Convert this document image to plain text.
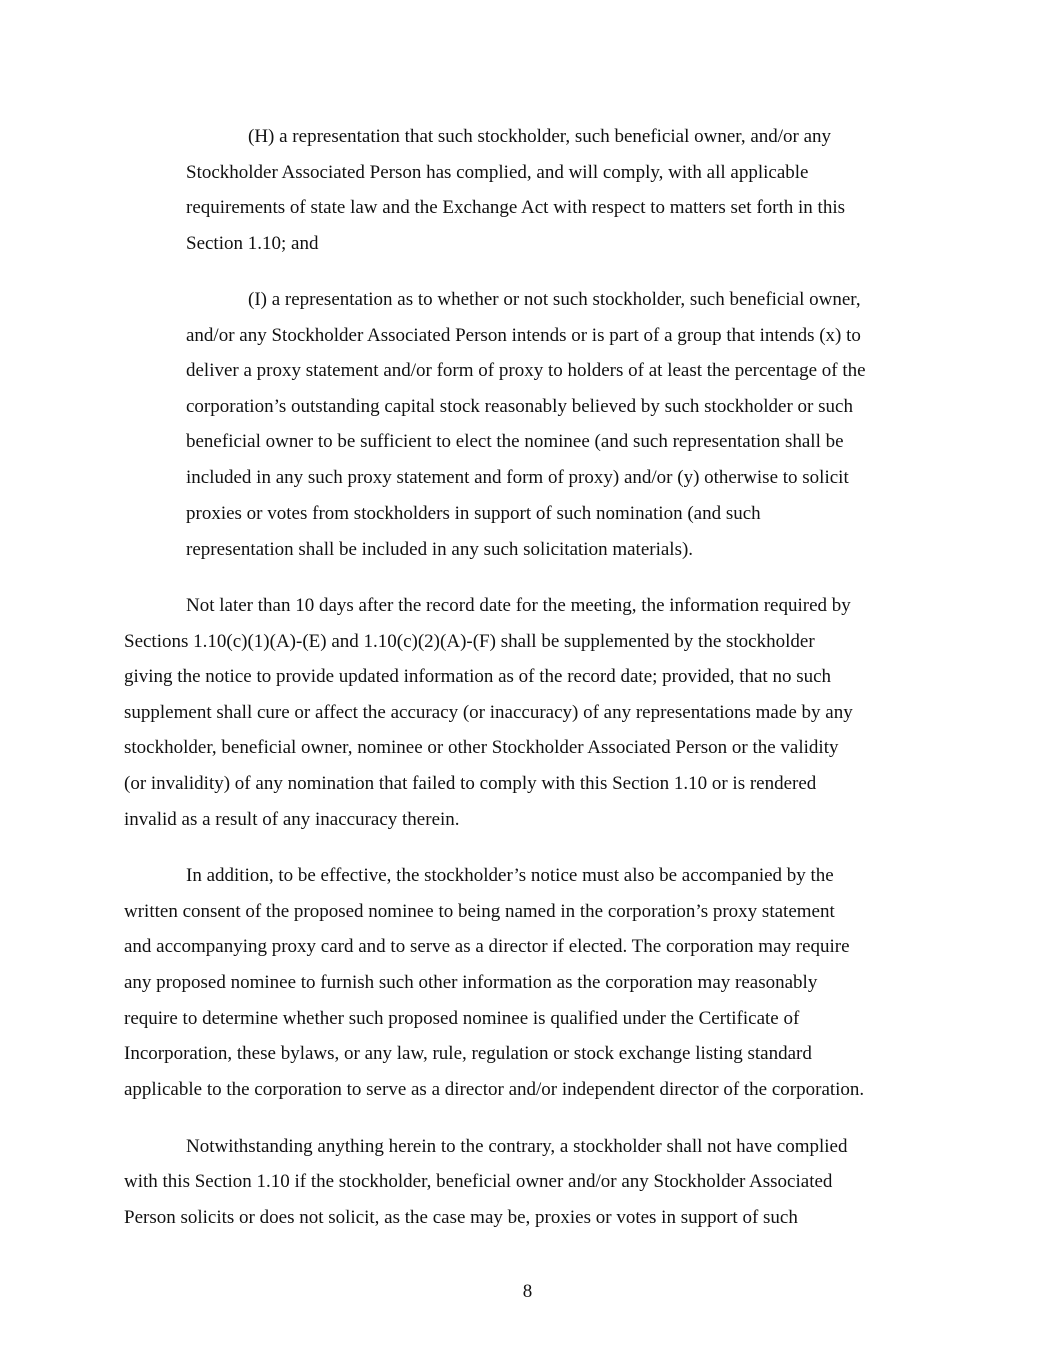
(H) a representation that such stockholder, such beneficial owner, and/or any

Stockholder Associated Person has complied, and will comply, with all applicable

requirements of state law and the Exchange Act with respect to matters set forth in this

Section 1.10; and

(I) a representation as to whether or not such stockholder, such beneficial owner,

and/or any Stockholder Associated Person intends or is part of a group that intends (x) to

deliver a proxy statement and/or form of proxy to holders of at least the percentage of the

corporation’s outstanding capital stock reasonably believed by such stockholder or such

beneficial owner to be sufficient to elect the nominee (and such representation shall be

included in any such proxy statement and form of proxy) and/or (y) otherwise to solicit

proxies or votes from stockholders in support of such nomination (and such

representation shall be included in any such solicitation materials).

Not later than 10 days after the record date for the meeting, the information required by

Sections 1.10(c)(1)(A)-(E) and 1.10(c)(2)(A)-(F) shall be supplemented by the stockholder

giving the notice to provide updated information as of the record date; provided, that no such

supplement shall cure or affect the accuracy (or inaccuracy) of any representations made by any

stockholder, beneficial owner, nominee or other Stockholder Associated Person or the validity

(or invalidity) of any nomination that failed to comply with this Section 1.10 or is rendered

invalid as a result of any inaccuracy therein.

In addition, to be effective, the stockholder’s notice must also be accompanied by the

written consent of the proposed nominee to being named in the corporation’s proxy statement

and accompanying proxy card and to serve as a director if elected. The corporation may require

any proposed nominee to furnish such other information as the corporation may reasonably

require to determine whether such proposed nominee is qualified under the Certificate of

Incorporation, these bylaws, or any law, rule, regulation or stock exchange listing standard

applicable to the corporation to serve as a director and/or independent director of the corporation.

Notwithstanding anything herein to the contrary, a stockholder shall not have complied

with this Section 1.10 if the stockholder, beneficial owner and/or any Stockholder Associated

Person solicits or does not solicit, as the case may be, proxies or votes in support of such

8
